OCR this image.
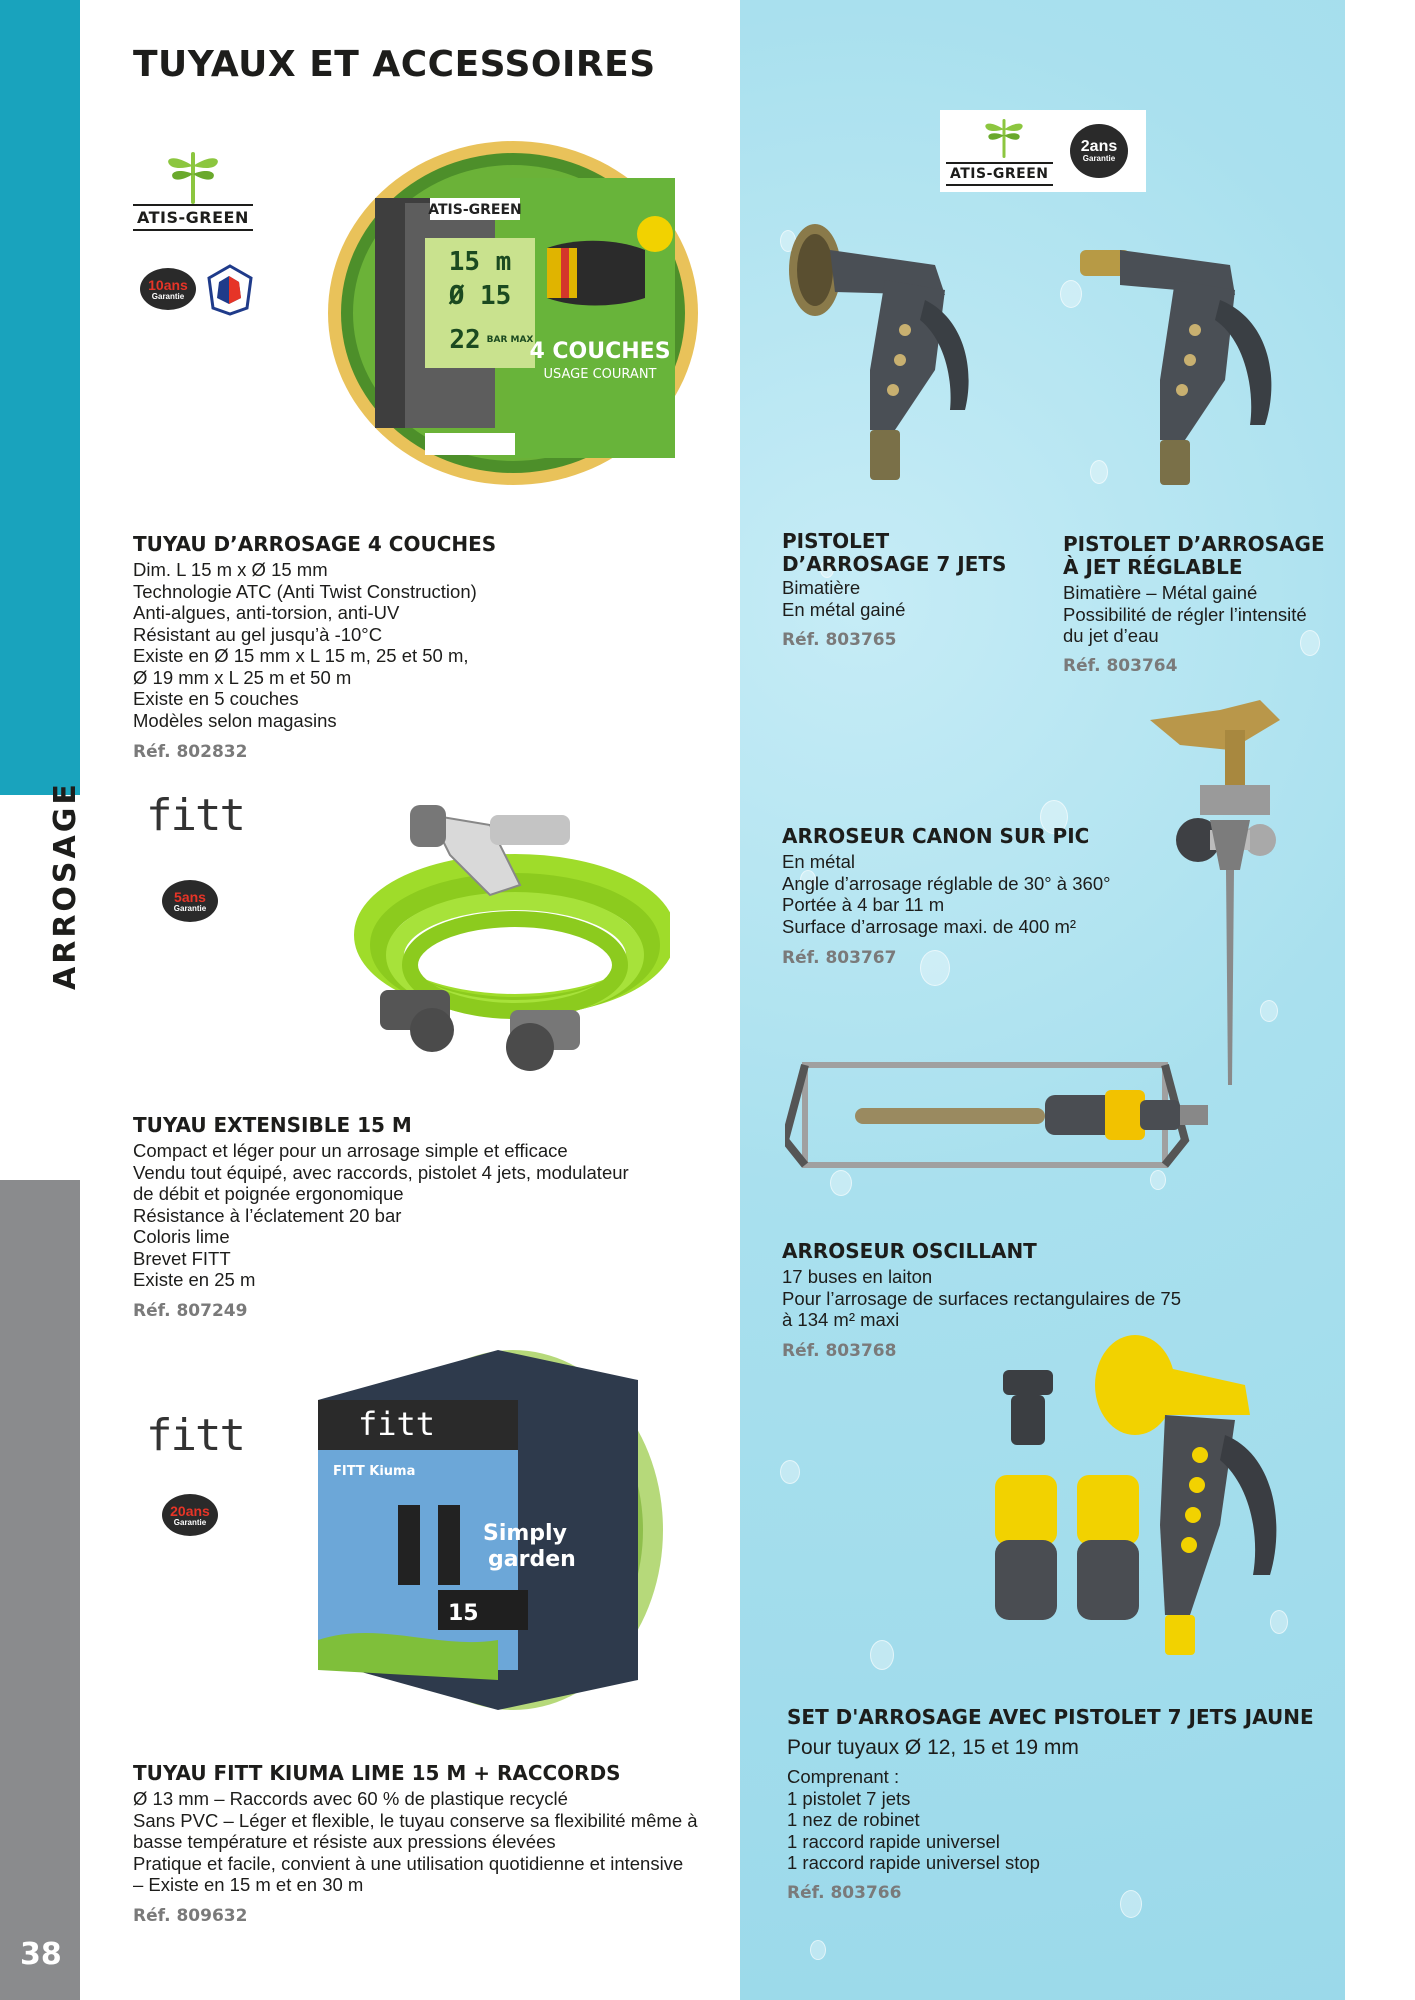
ARROSAGE
38
TUYAUX ET ACCESSOIRES
ATIS-GREEN
10ans
Garantie
ATIS-GREEN
15 m
Ø 15
22 BAR MAX
4 COUCHES
USAGE COURANT
TUYAU D’ARROSAGE 4 COUCHES
Dim. L 15 m x Ø 15 mm
Technologie ATC (Anti Twist Construction)
Anti-algues, anti-torsion, anti-UV
Résistant au gel jusqu’à -10°C
Existe en Ø 15 mm x L 15 m, 25 et 50 m,
Ø 19 mm x L 25 m et 50 m
Existe en 5 couches
Modèles selon magasins
Réf. 802832
fitt
5ans
Garantie
TUYAU EXTENSIBLE 15 M
Compact et léger pour un arrosage simple et efficace
Vendu tout équipé, avec raccords, pistolet 4 jets, modulateur
de débit et poignée ergonomique
Résistance à l’éclatement 20 bar
Coloris lime
Brevet FITT
Existe en 25 m
Réf. 807249
fitt
20ans
Garantie
fitt
FITT Kiuma
Simply
garden
15
TUYAU FITT KIUMA LIME 15 M + RACCORDS
Ø 13 mm – Raccords avec 60 % de plastique recyclé
Sans PVC – Léger et flexible, le tuyau conserve sa flexibilité même à
basse température et résiste aux pressions élevées
Pratique et facile, convient à une utilisation quotidienne et intensive
– Existe en 15 m et en 30 m
Réf. 809632
ATIS-GREEN
2ans
Garantie
PISTOLET
D’ARROSAGE 7 JETS
Bimatière
En métal gainé
Réf. 803765
PISTOLET D’ARROSAGE
À JET RÉGLABLE
Bimatière – Métal gainé
Possibilité de régler l’intensité
du jet d’eau
Réf. 803764
ARROSEUR CANON SUR PIC
En métal
Angle d’arrosage réglable de 30° à 360°
Portée à 4 bar 11 m
Surface d’arrosage maxi. de 400 m²
Réf. 803767
ARROSEUR OSCILLANT
17 buses en laiton
Pour l’arrosage de surfaces rectangulaires de 75
à 134 m² maxi
Réf. 803768
SET D'ARROSAGE AVEC PISTOLET 7 JETS JAUNE
Pour tuyaux Ø 12, 15 et 19 mm
Comprenant :
1 pistolet 7 jets
1 nez de robinet
1 raccord rapide universel
1 raccord rapide universel stop
Réf. 803766
